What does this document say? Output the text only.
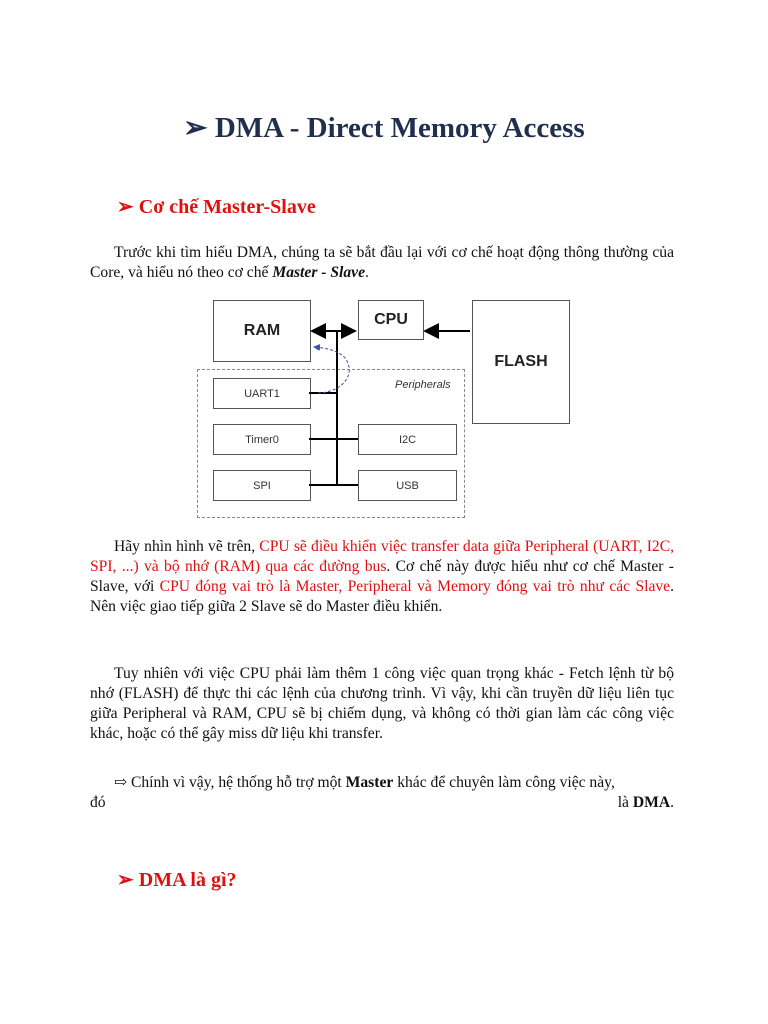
➢ DMA - Direct Memory Access
➢ Cơ chế Master-Slave
Trước khi tìm hiểu DMA, chúng ta sẽ bắt đầu lại với cơ chế hoạt động thông thường của Core, và hiểu nó theo cơ chế Master - Slave.
Peripherals
RAM
CPU
FLASH
UART1
Timer0
SPI
I2C
USB
Hãy nhìn hình vẽ trên, CPU sẽ điều khiển việc transfer data giữa Peripheral (UART, I2C, SPI, ...) và bộ nhớ (RAM) qua các đường bus. Cơ chế này được hiểu như cơ chế Master - Slave, với CPU đóng vai trò là Master, Peripheral và Memory đóng vai trò như các Slave. Nên việc giao tiếp giữa 2 Slave sẽ do Master điều khiển.
Tuy nhiên với việc CPU phải làm thêm 1 công việc quan trọng khác - Fetch lệnh từ bộ nhớ (FLASH) để thực thi các lệnh của chương trình. Vì vậy, khi cần truyền dữ liệu liên tục giữa Peripheral và RAM, CPU sẽ bị chiếm dụng, và không có thời gian làm các công việc khác, hoặc có thể gây miss dữ liệu khi transfer.
⇨ Chính vì vậy, hệ thống hỗ trợ một Master khác để chuyên làm công việc này,
đó	là DMA.
➢ DMA là gì?
